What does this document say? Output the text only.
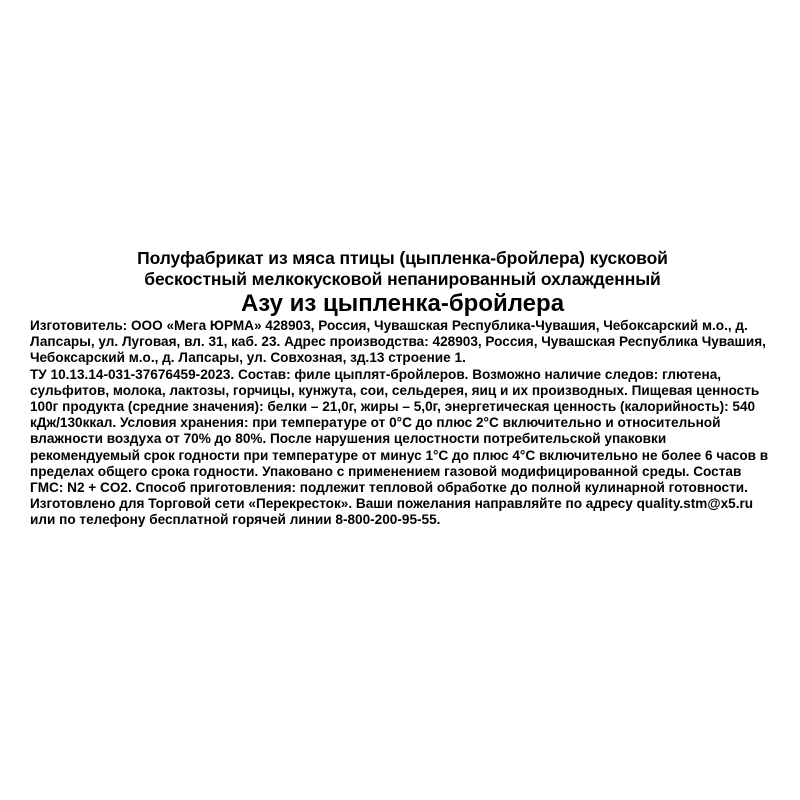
Полуфабрикат из мяса птицы (цыпленка-бройлера) кусковой
бескостный мелкокусковой непанированный охлажденный
Азу из цыпленка-бройлера

Изготовитель: ООО «Мега ЮРМА» 428903, Россия, Чувашская Республика-Чувашия, Чебоксарский м.о., д. Лапсары, ул. Луговая, вл. 31, каб. 23. Адрес производства: 428903, Россия, Чувашская Республика Чувашия, Чебоксарский м.о., д. Лапсары, ул. Совхозная, зд.13 строение 1.

ТУ 10.13.14-031-37676459-2023. Состав: филе цыплят-бройлеров. Возможно наличие следов: глютена, сульфитов, молока, лактозы, горчицы, кунжута, сои, сельдерея, яиц и их производных. Пищевая ценность 100г продукта (средние значения): белки – 21,0г, жиры – 5,0г, энергетическая ценность (калорийность): 540 кДж/130ккал. Условия хранения: при температуре от 0°С до плюс 2°С включительно и относительной влажности воздуха от 70% до 80%. После нарушения целостности потребительской упаковки рекомендуемый срок годности при температуре от минус 1°С до плюс 4°С включительно не более 6 часов в пределах общего срока годности. Упаковано с применением газовой модифицированной среды. Состав ГМС: N2 + CO2. Способ приготовления: подлежит тепловой обработке до полной кулинарной готовности.

Изготовлено для Торговой сети «Перекресток». Ваши пожелания направляйте по адресу quality.stm@x5.ru или по телефону бесплатной горячей линии 8-800-200-95-55.
